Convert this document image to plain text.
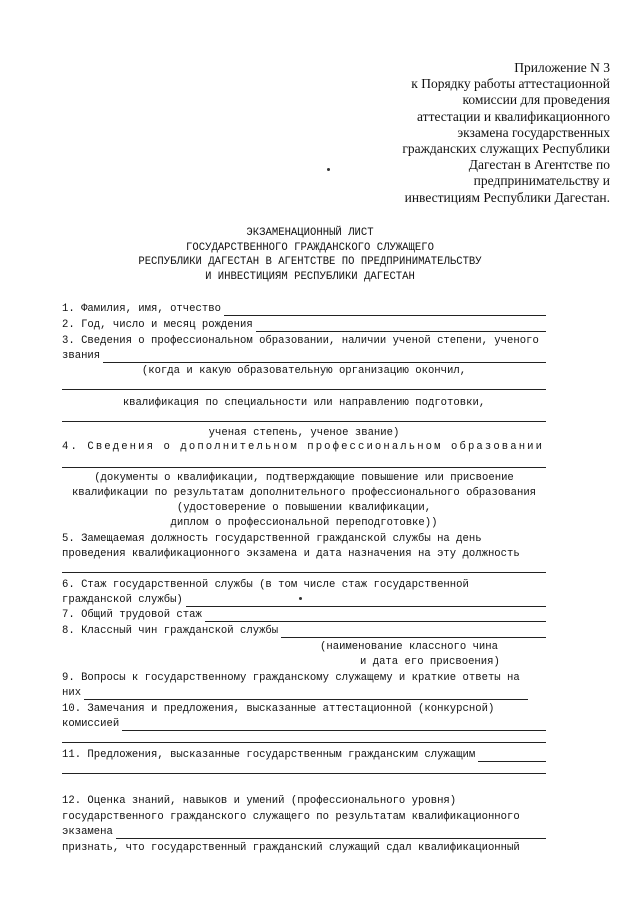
Приложение N 3
к Порядку работы аттестационной
комиссии для проведения
аттестации и квалификационного
экзамена государственных
гражданских служащих Республики
Дагестан в Агентстве по
предпринимательству и
инвестициям Республики Дагестан.
ЭКЗАМЕНАЦИОННЫЙ ЛИСТ
ГОСУДАРСТВЕННОГО ГРАЖДАНСКОГО СЛУЖАЩЕГО
РЕСПУБЛИКИ ДАГЕСТАН В АГЕНТСТВЕ ПО ПРЕДПРИНИМАТЕЛЬСТВУ
И ИНВЕСТИЦИЯМ РЕСПУБЛИКИ ДАГЕСТАН
1. Фамилия, имя, отчество
2. Год, число и месяц рождения
3. Сведения о профессиональном образовании, наличии ученой степени, ученого
звания
(когда и какую образовательную организацию окончил,
квалификация по специальности или направлению подготовки,
ученая степень, ученое звание)
4. Сведения о дополнительном профессиональном образовании
(документы о квалификации, подтверждающие повышение или присвоение
квалификации по результатам дополнительного профессионального образования
(удостоверение о повышении квалификации,
диплом о профессиональной переподготовке))
5. Замещаемая должность государственной гражданской службы на день
проведения квалификационного экзамена и дата назначения на эту должность
6. Стаж государственной службы (в том числе стаж государственной
гражданской службы)
7. Общий трудовой стаж
8. Классный чин гражданской службы
(наименование классного чина
и дата его присвоения)
9. Вопросы к государственному гражданскому служащему и краткие ответы на
них
10. Замечания и предложения, высказанные аттестационной (конкурсной)
комиссией
11. Предложения, высказанные государственным гражданским служащим
12. Оценка знаний, навыков и умений (профессионального уровня)
государственного гражданского служащего по результатам квалификационного
экзамена
признать, что государственный гражданский служащий сдал квалификационный
